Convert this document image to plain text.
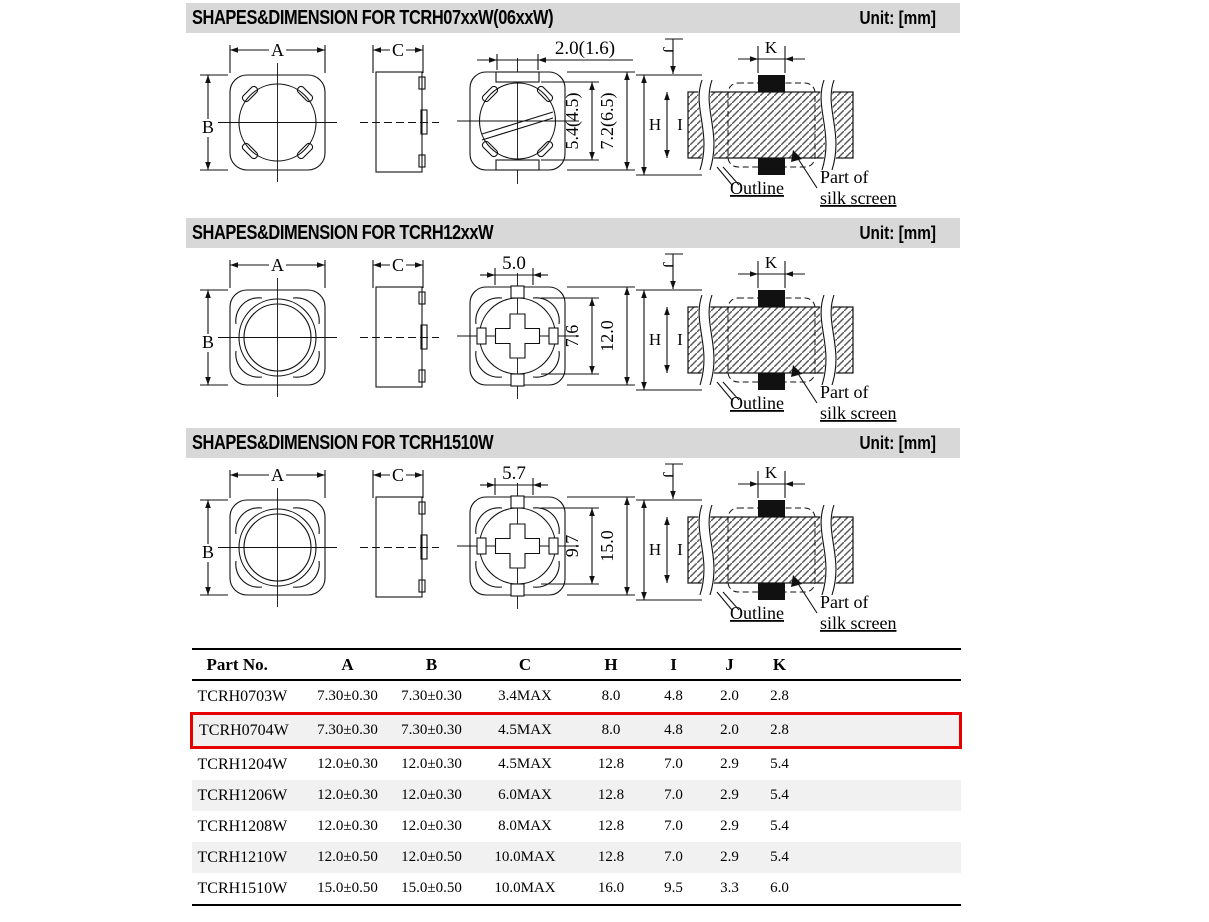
SHAPES&DIMENSION FOR TCRH07xxW(06xxW)	Unit: [mm]
A
B
C	2.0(1.6)
5.4(4.5) 7.2(6.5) H I
J	K
Outline
Part of
silk screen
SHAPES&DIMENSION FOR TCRH12xxW	Unit: [mm]
A
B
C	5.0
7.6 12.0 H I
J	K
Outline
Part of
silk screen
SHAPES&DIMENSION FOR TCRH1510W	Unit: [mm]
A
B
C	5.7
9.7 15.0 H I
J	K
Outline
Part of
silk screen
Part No.	A	B	C	H	I	J	K	
TCRH0703W	7.30±0.30	7.30±0.30	3.4MAX	8.0	4.8	2.0	2.8	
TCRH0704W	7.30±0.30	7.30±0.30	4.5MAX	8.0	4.8	2.0	2.8	
TCRH1204W	12.0±0.30	12.0±0.30	4.5MAX	12.8	7.0	2.9	5.4	
TCRH1206W	12.0±0.30	12.0±0.30	6.0MAX	12.8	7.0	2.9	5.4	
TCRH1208W	12.0±0.30	12.0±0.30	8.0MAX	12.8	7.0	2.9	5.4	
TCRH1210W	12.0±0.50	12.0±0.50	10.0MAX	12.8	7.0	2.9	5.4	
TCRH1510W	15.0±0.50	15.0±0.50	10.0MAX	16.0	9.5	3.3	6.0	
